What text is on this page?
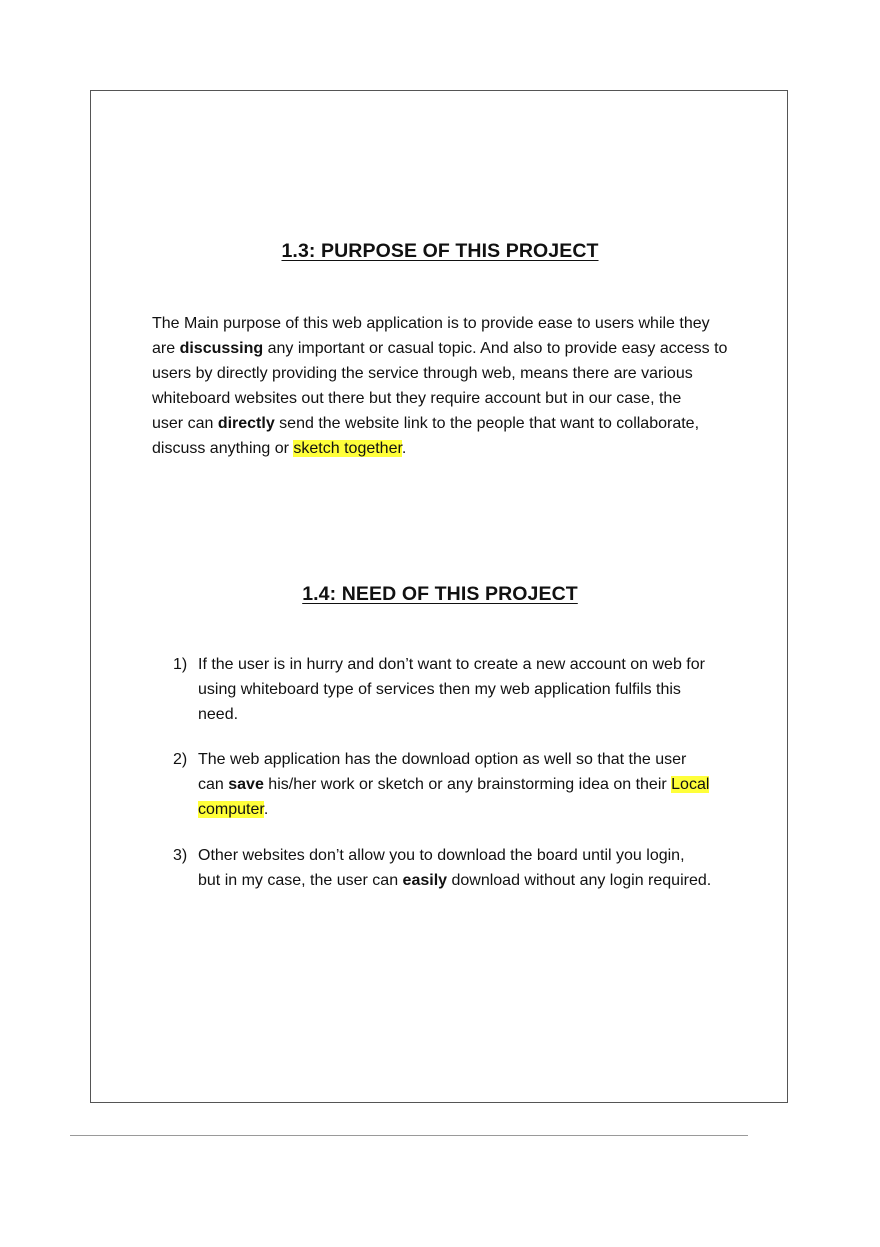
1.3: PURPOSE OF THIS PROJECT
The Main purpose of this web application is to provide ease to users while they
are discussing any important or casual topic. And also to provide easy access to
users by directly providing the service through web, means there are various
whiteboard websites out there but they require account but in our case, the
user can directly send the website link to the people that want to collaborate,
discuss anything or sketch together.
1.4: NEED OF THIS PROJECT
1) If the user is in hurry and don’t want to create a new account on web for
using whiteboard type of services then my web application fulfils this
need.
2) The web application has the download option as well so that the user
can save his/her work or sketch or any brainstorming idea on their Local
computer.
3) Other websites don’t allow you to download the board until you login,
but in my case, the user can easily download without any login required.
